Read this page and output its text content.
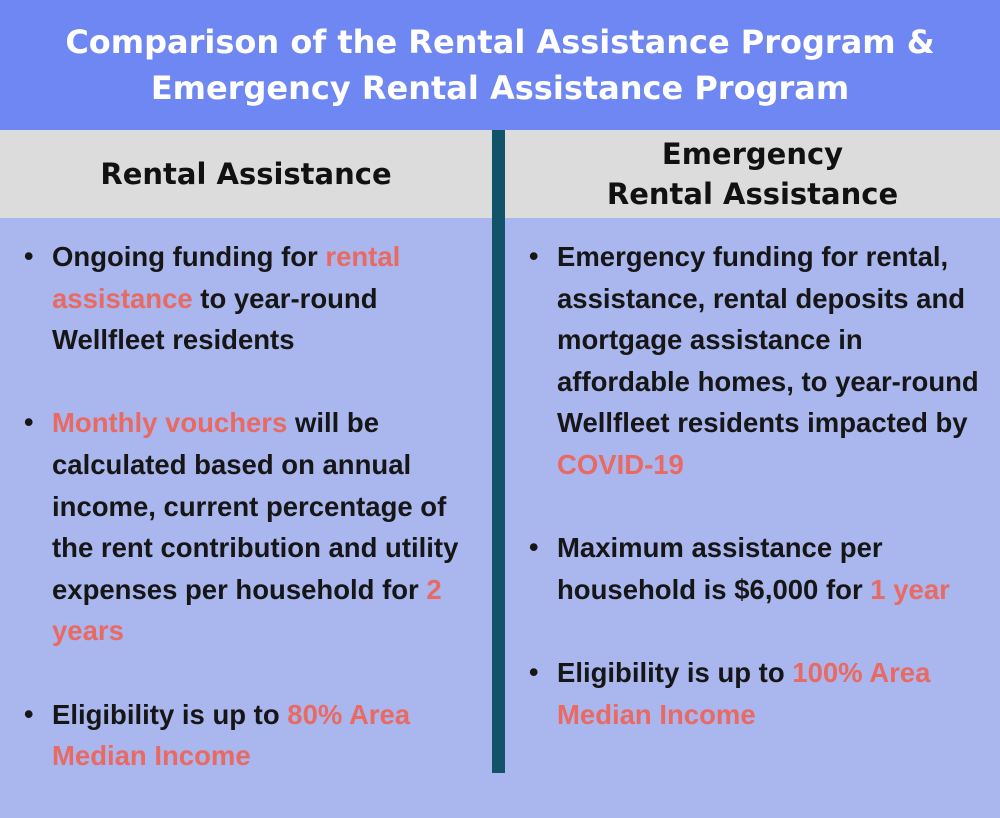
Comparison of the Rental Assistance Program &
Emergency Rental Assistance Program
Rental Assistance
Emergency
Rental Assistance
• Ongoing funding for rental assistance to year-round Wellfleet residents
• Monthly vouchers will be calculated based on annual income, current percentage of the rent contribution and utility expenses per household for 2 years
• Eligibility is up to 80% Area Median Income
• Emergency funding for rental, assistance, rental deposits and mortgage assistance in affordable homes, to year-round Wellfleet residents impacted by COVID-19
• Maximum assistance per household is $6,000 for 1 year
• Eligibility is up to 100% Area Median Income
